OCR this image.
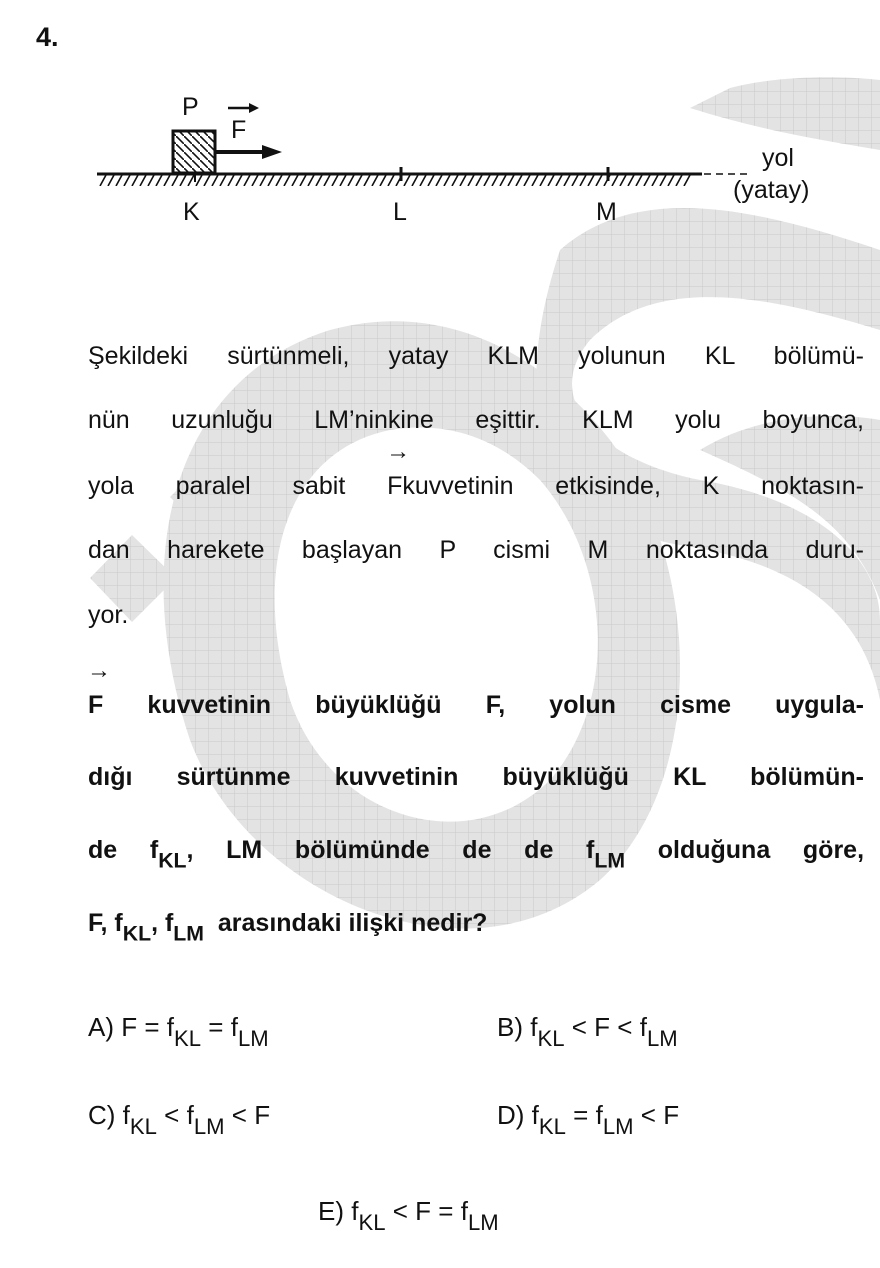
4.
P
F
K	L	M
yol
(yatay)
Şekildeki sürtünmeli, yatay KLM yolunun KL bölümü-
nün uzunluğu LM’ninkine eşittir. KLM yolu boyunca,
yola paralel sabit
→
Fkuvvetinin etkisinde, K noktasın-
dan harekete başlayan P cismi M noktasında duru-
yor.
→
F kuvvetinin büyüklüğü F, yolun cisme uygula-
dığı sürtünme kuvvetinin büyüklüğü KL bölümün-
de $f_{KL}$, LM bölümünde de de $f_{LM}$ olduğuna göre,
F, $f_{KL}$, $f_{LM}$ arasındaki ilişki nedir?
A) $F = f_{KL} = f_{LM}$	B) $f_{KL} < F < f_{LM}$
C) $f_{KL} < f_{LM} < F$	D) $f_{KL} = f_{LM} < F$
E) $f_{KL} < F = f_{LM}$
